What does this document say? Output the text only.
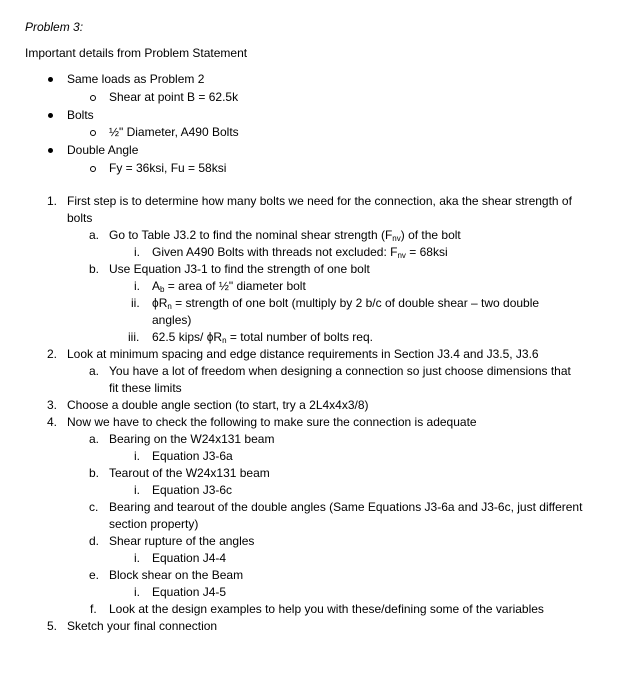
Problem 3:
Important details from Problem Statement
Same loads as Problem 2
Shear at point B = 62.5k
Bolts
½" Diameter, A490 Bolts
Double Angle
Fy = 36ksi, Fu = 58ksi
1. First step is to determine how many bolts we need for the connection, aka the shear strength of
bolts
a. Go to Table J3.2 to find the nominal shear strength $(F_{nv})$ of the bolt
i. Given A490 Bolts with threads not excluded: $F_{nv} = 68ksi$
b. Use Equation J3-1 to find the strength of one bolt
i. $A_b$ = area of ½" diameter bolt
ii. $\phi R_n$ = strength of one bolt (multiply by 2 b/c of double shear – two double
angles)
iii. 62.5 kips/ $\phi R_n$ = total number of bolts req.
2. Look at minimum spacing and edge distance requirements in Section J3.4 and J3.5, J3.6
a. You have a lot of freedom when designing a connection so just choose dimensions that
fit these limits
3. Choose a double angle section (to start, try a 2L4x4x3/8)
4. Now we have to check the following to make sure the connection is adequate
a. Bearing on the W24x131 beam
i. Equation J3-6a
b. Tearout of the W24x131 beam
i. Equation J3-6c
c. Bearing and tearout of the double angles (Same Equations J3-6a and J3-6c, just different
section property)
d. Shear rupture of the angles
i. Equation J4-4
e. Block shear on the Beam
i. Equation J4-5
f. Look at the design examples to help you with these/defining some of the variables
5. Sketch your final connection
